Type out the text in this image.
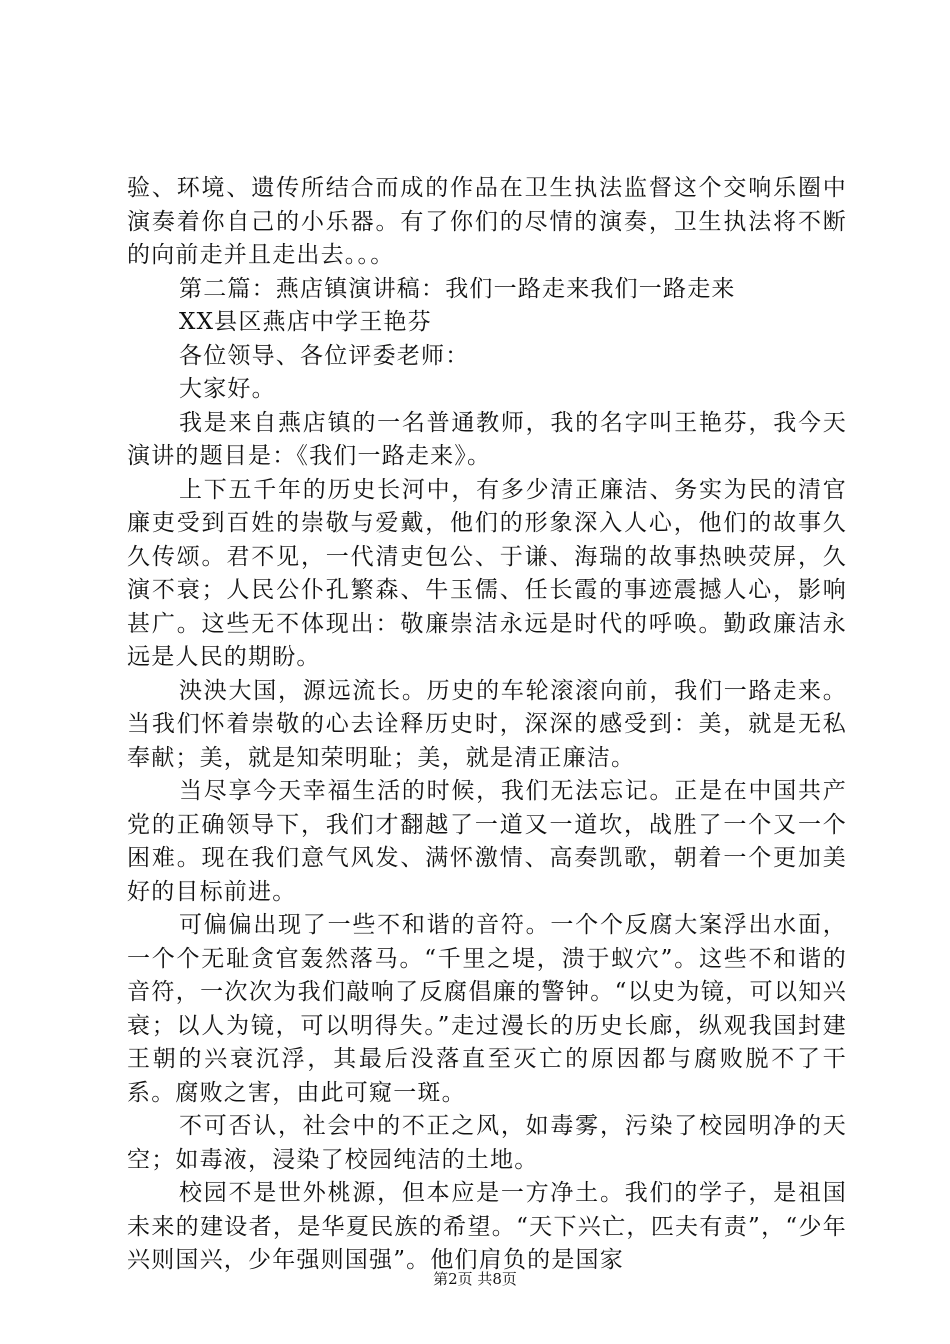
验、环境、遗传所结合而成的作品在卫生执法监督这个交响乐圈中演奏着你自己的小乐器。有了你们的尽情的演奏，卫生执法将不断的向前走并且走出去。。。

第二篇：燕店镇演讲稿：我们一路走来我们一路走来

XX县区燕店中学王艳芬

各位领导、各位评委老师：

大家好。

我是来自燕店镇的一名普通教师，我的名字叫王艳芬，我今天演讲的题目是：《我们一路走来》。

上下五千年的历史长河中，有多少清正廉洁、务实为民的清官廉吏受到百姓的崇敬与爱戴，他们的形象深入人心，他们的故事久久传颂。君不见，一代清吏包公、于谦、海瑞的故事热映荧屏，久演不衰；人民公仆孔繁森、牛玉儒、任长霞的事迹震撼人心，影响甚广。这些无不体现出：敬廉崇洁永远是时代的呼唤。勤政廉洁永远是人民的期盼。

泱泱大国，源远流长。历史的车轮滚滚向前，我们一路走来。当我们怀着崇敬的心去诠释历史时，深深的感受到：美，就是无私奉献；美，就是知荣明耻；美，就是清正廉洁。

当尽享今天幸福生活的时候，我们无法忘记。正是在中国共产党的正确领导下，我们才翻越了一道又一道坎，战胜了一个又一个困难。现在我们意气风发、满怀激情、高奏凯歌，朝着一个更加美好的目标前进。

可偏偏出现了一些不和谐的音符。一个个反腐大案浮出水面，一个个无耻贪官轰然落马。“千里之堤，溃于蚁穴”。这些不和谐的音符，一次次为我们敲响了反腐倡廉的警钟。“以史为镜，可以知兴衰；以人为镜，可以明得失。”走过漫长的历史长廊，纵观我国封建王朝的兴衰沉浮，其最后没落直至灭亡的原因都与腐败脱不了干系。腐败之害，由此可窥一斑。

不可否认，社会中的不正之风，如毒雾，污染了校园明净的天空；如毒液，浸染了校园纯洁的土地。

校园不是世外桃源，但本应是一方净土。我们的学子，是祖国未来的建设者，是华夏民族的希望。“天下兴亡，匹夫有责”，“少年兴则国兴，少年强则国强”。他们肩负的是国家

第2页 共8页
